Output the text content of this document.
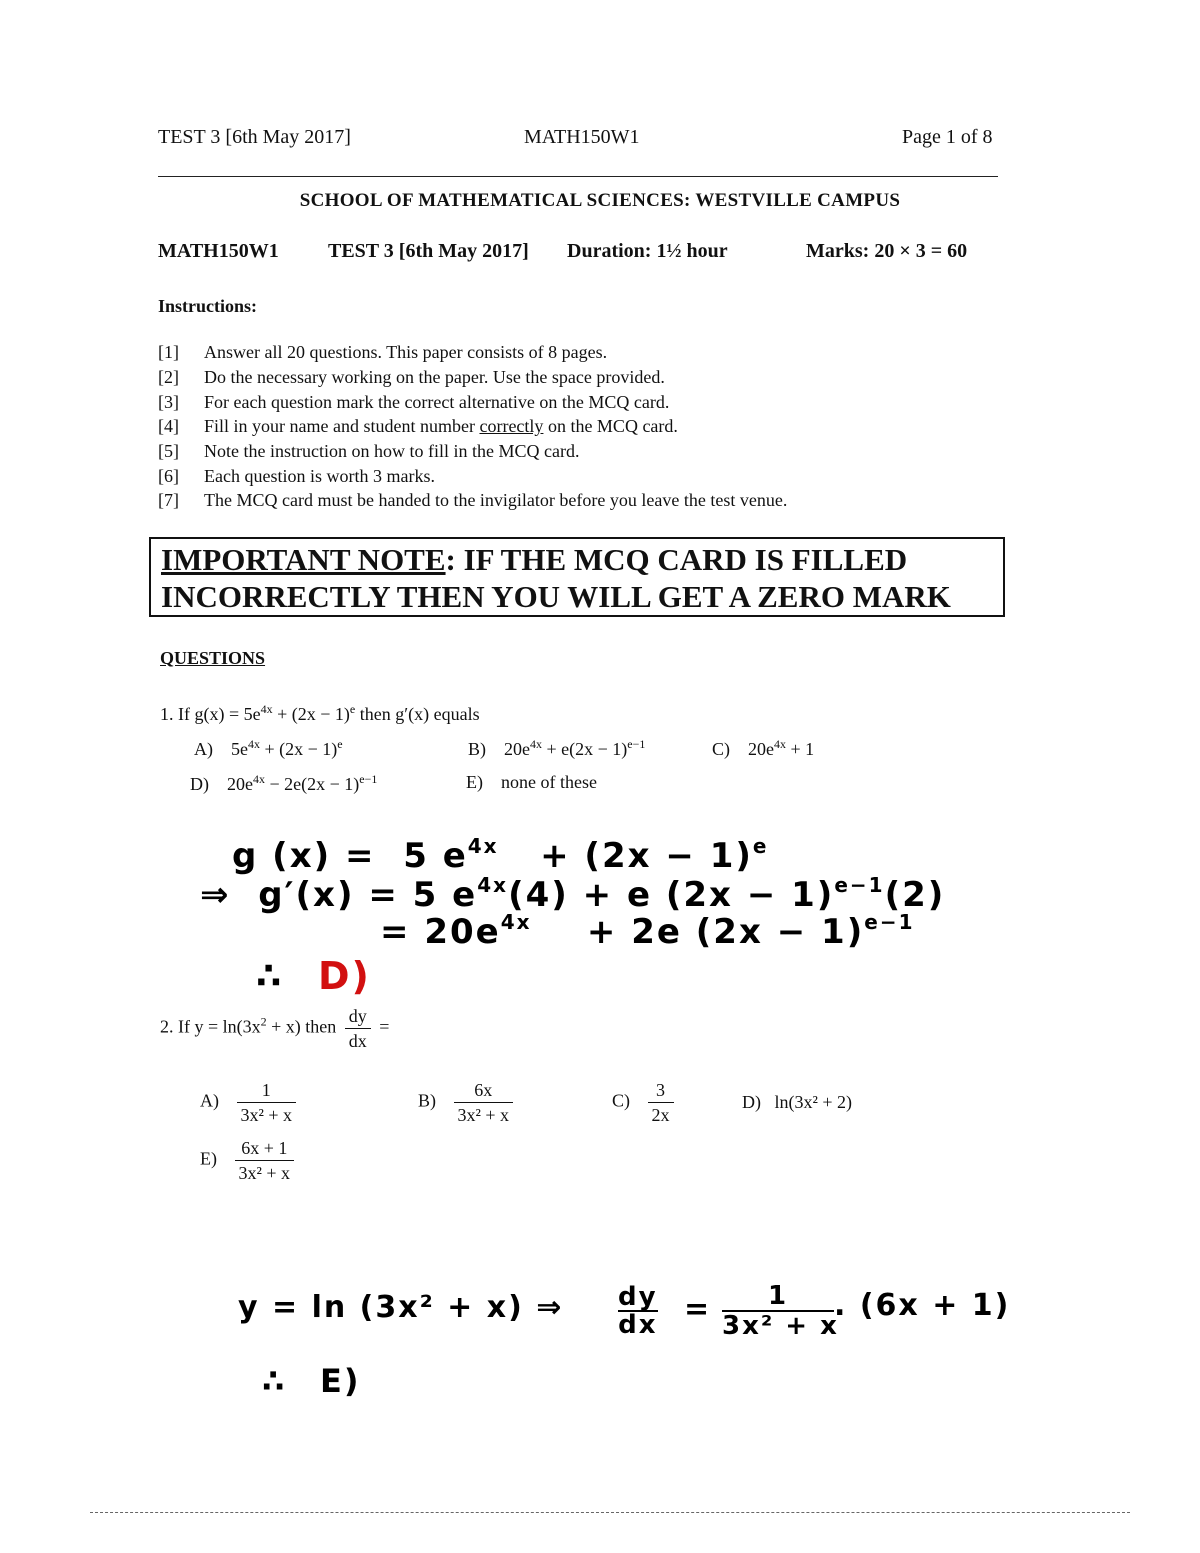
TEST 3 [6th May 2017]	MATH150W1	Page 1 of 8
SCHOOL OF MATHEMATICAL SCIENCES: WESTVILLE CAMPUS
MATH150W1 TEST 3 [6th May 2017] Duration: 1½ hour	Marks: 20 × 3 = 60
Instructions:
[1] Answer all 20 questions. This paper consists of 8 pages.
[2] Do the necessary working on the paper. Use the space provided.
[3] For each question mark the correct alternative on the MCQ card.
[4] Fill in your name and student number correctly on the MCQ card.
[5] Note the instruction on how to fill in the MCQ card.
[6] Each question is worth 3 marks.
[7] The MCQ card must be handed to the invigilator before you leave the test venue.
IMPORTANT NOTE: IF THE MCQ CARD IS FILLED
INCORRECTLY THEN YOU WILL GET A ZERO MARK
QUESTIONS
1. If $g(x) = 5e^{4x} + (2x - 1)^e$ then g′(x) equals
A) $5e^{4x} + (2x - 1)^e$	B) $20e^{4x} + e(2x - 1)^{e-1}$	C) $20e^{4x} + 1$
D) $20e^{4x} - 2e(2x - 1)^{e-1}$	E) none of these
g (x) = 5 $e^{4x} + (2x - 1)^e$
⇒ g′(x) = 5 $e^{4x}(4) + e$ $(2x - 1)^{e-1}(2)$
= $20e^{4x} + 2e$ $(2x - 1)^{e-1}$
∴ D)
2. If $y = \ln(3x^2 + x)$ then $\frac{dy}{dx}$ =
$A) \frac{1}{\text{3x² + x}}$	$B) \frac{6x}{\text{3x² + x}}$	$C) \frac{3}{2x}$	D) ln(3x² + 2)
$E) \frac{6x + 1}{\text{3x² + x}}$
y = ln (3x² + x) ⇒ dy
dx =	1
3x² + x
. (6x + 1)
∴ E)
